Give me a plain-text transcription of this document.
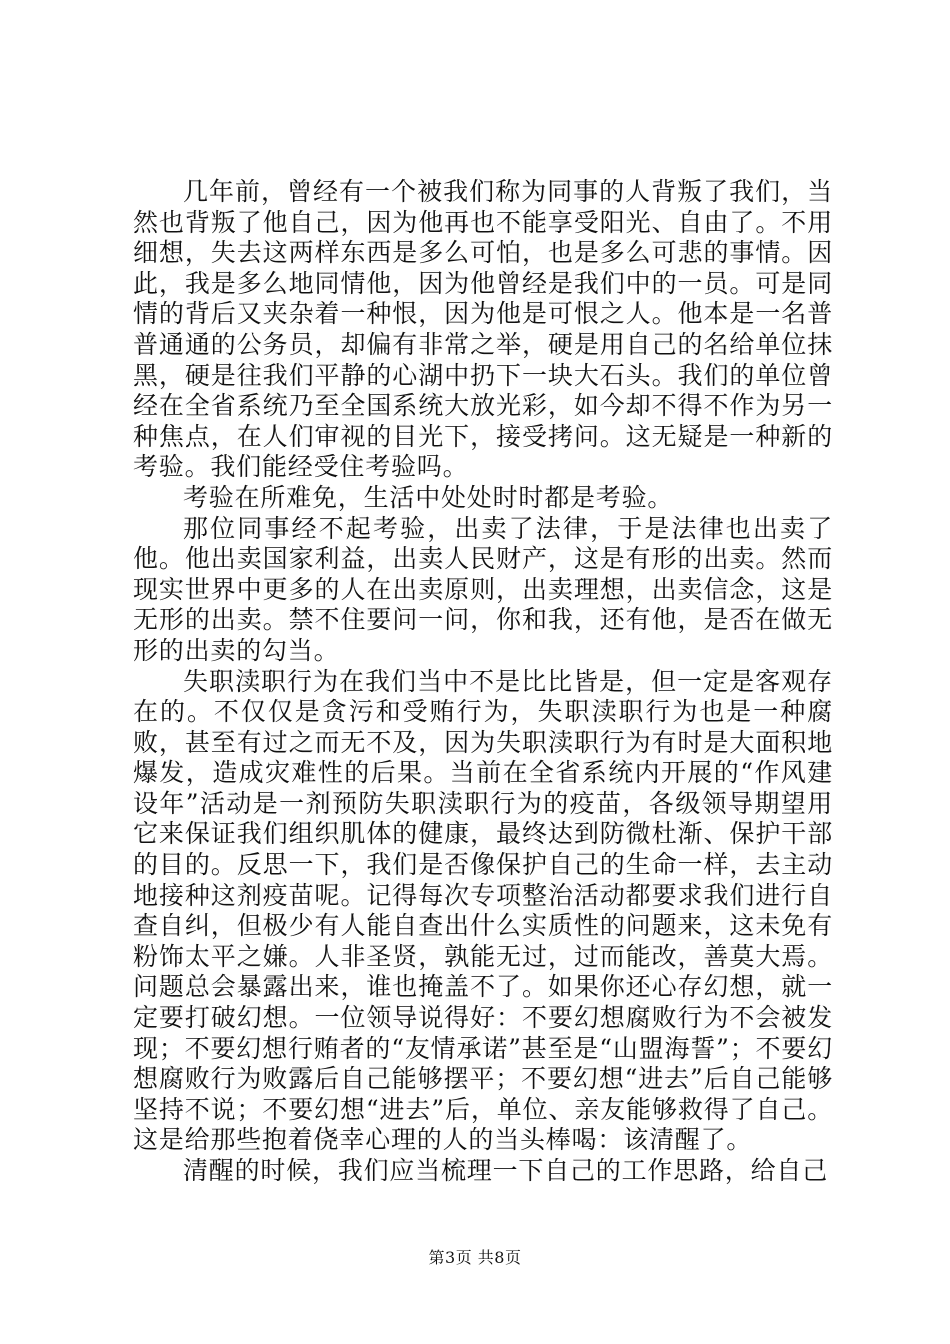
几年前，曾经有一个被我们称为同事的人背叛了我们，当然也背叛了他自己，因为他再也不能享受阳光、自由了。不用细想，失去这两样东西是多么可怕，也是多么可悲的事情。因此，我是多么地同情他，因为他曾经是我们中的一员。可是同情的背后又夹杂着一种恨，因为他是可恨之人。他本是一名普普通通的公务员，却偏有非常之举，硬是用自己的名给单位抹黑，硬是往我们平静的心湖中扔下一块大石头。我们的单位曾经在全省系统乃至全国系统大放光彩，如今却不得不作为另一种焦点，在人们审视的目光下，接受拷问。这无疑是一种新的考验。我们能经受住考验吗。

考验在所难免，生活中处处时时都是考验。

那位同事经不起考验，出卖了法律，于是法律也出卖了他。他出卖国家利益，出卖人民财产，这是有形的出卖。然而现实世界中更多的人在出卖原则，出卖理想，出卖信念，这是无形的出卖。禁不住要问一问，你和我，还有他，是否在做无形的出卖的勾当。

失职渎职行为在我们当中不是比比皆是，但一定是客观存在的。不仅仅是贪污和受贿行为，失职渎职行为也是一种腐败，甚至有过之而无不及，因为失职渎职行为有时是大面积地爆发，造成灾难性的后果。当前在全省系统内开展的“作风建设年”活动是一剂预防失职渎职行为的疫苗，各级领导期望用它来保证我们组织肌体的健康，最终达到防微杜渐、保护干部的目的。反思一下，我们是否像保护自己的生命一样，去主动地接种这剂疫苗呢。记得每次专项整治活动都要求我们进行自查自纠，但极少有人能自查出什么实质性的问题来，这未免有粉饰太平之嫌。人非圣贤，孰能无过，过而能改，善莫大焉。问题总会暴露出来，谁也掩盖不了。如果你还心存幻想，就一定要打破幻想。一位领导说得好：不要幻想腐败行为不会被发现；不要幻想行贿者的“友情承诺”甚至是“山盟海誓”；不要幻想腐败行为败露后自己能够摆平；不要幻想“进去”后自己能够坚持不说；不要幻想“进去”后，单位、亲友能够救得了自己。这是给那些抱着侥幸心理的人的当头棒喝：该清醒了。

清醒的时候，我们应当梳理一下自己的工作思路，给自己

第3页 共8页
